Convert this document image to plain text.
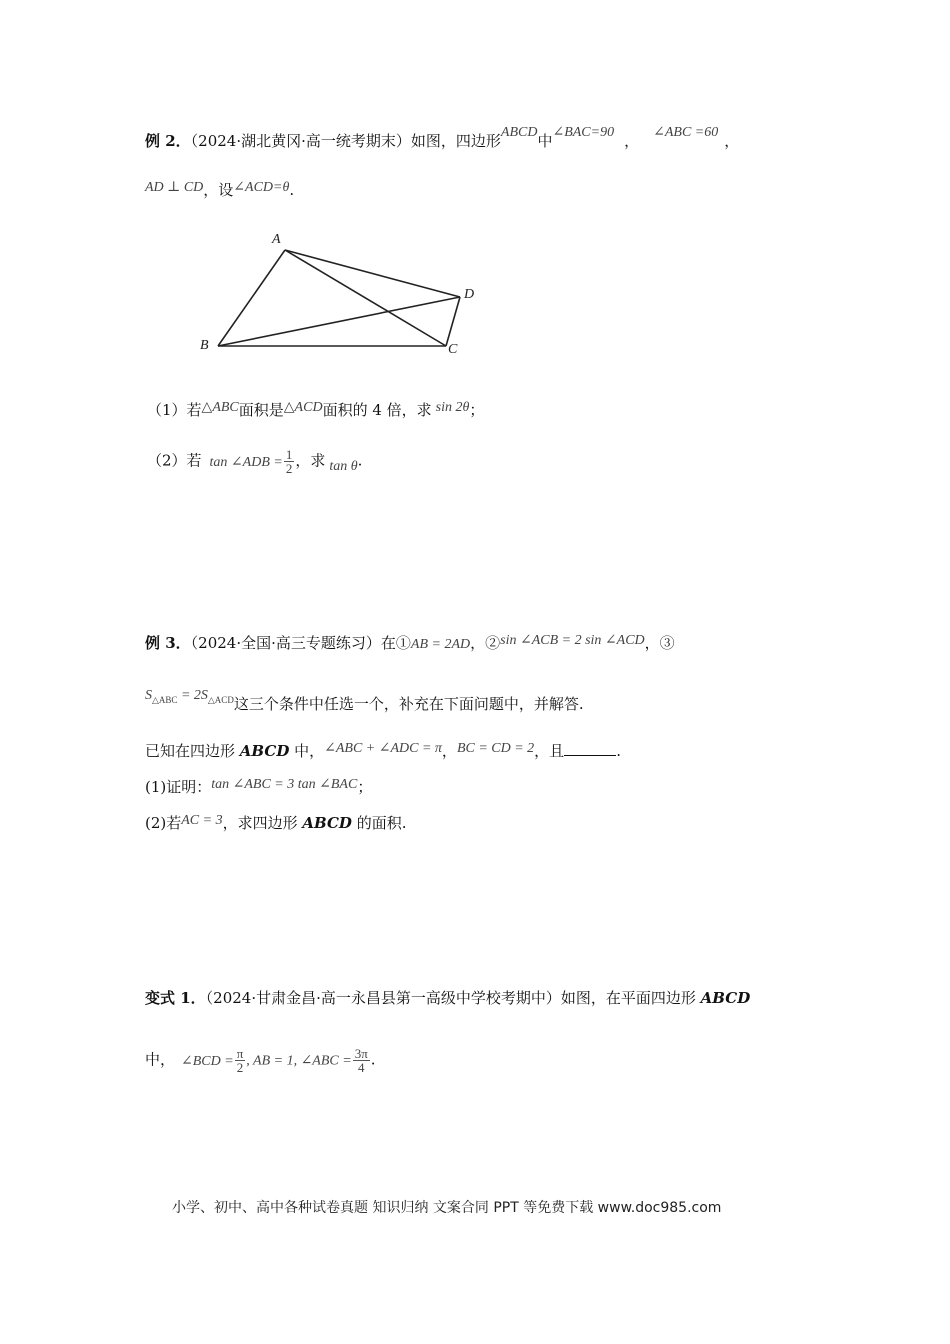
例 2．（2024·湖北黄冈·高一统考期末）如图，四边形ABCD中∠BAC=90 ， ∠ABC =60 ，
AD ⊥ CD，设∠ACD=θ.
A
B	C
D
（1）若△ABC面积是△ACD面积的 4 倍，求 sin 2θ；
（2）若 tan ∠ADB = $\frac{1}{2}$ ，求 tan θ.
例 3．（2024·全国·高三专题练习）在①AB = 2AD，②sin ∠ACB = 2 sin ∠ACD，③
$S_{\triangle ABC} = 2S_{\triangle ACD}$这三个条件中任选一个，补充在下面问题中，并解答.
已知在四边形 ABCD 中，∠ABC + ∠ADC = π，BC = CD = 2，且	.
(1)证明：tan ∠ABC = 3 tan ∠BAC；
(2)若AC = 3，求四边形 ABCD 的面积.
变式 1．（2024·甘肃金昌·高一永昌县第一高级中学校考期中）如图，在平面四边形 ABCD
中， ∠BCD = $\frac{\pi}{2}$ , AB = 1, ∠ABC = $\frac{3\pi}{4}$ .
小学、初中、高中各种试卷真题 知识归纳 文案合同 PPT 等免费下载 www.doc985.com
